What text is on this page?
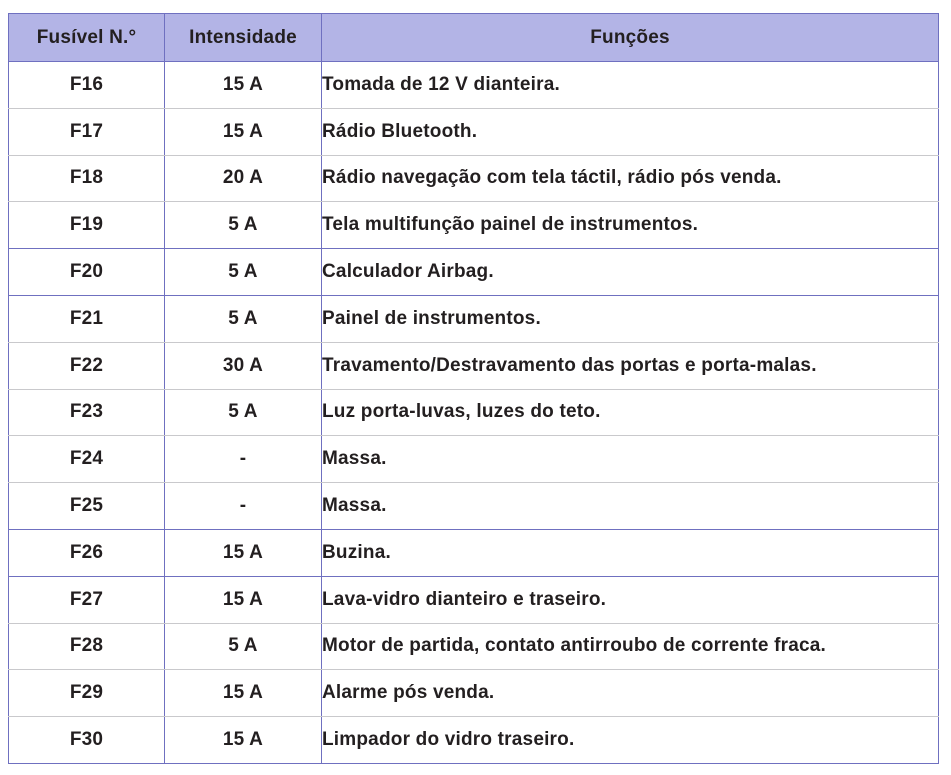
Fusível N.°	Intensidade	Funções
F16	15 A	Tomada de 12 V dianteira.
F17	15 A	Rádio Bluetooth.
F18	20 A	Rádio navegação com tela táctil, rádio pós venda.
F19	5 A	Tela multifunção painel de instrumentos.
F20	5 A	Calculador Airbag.
F21	5 A	Painel de instrumentos.
F22	30 A	Travamento/Destravamento das portas e porta-malas.
F23	5 A	Luz porta-luvas, luzes do teto.
F24	-	Massa.
F25	-	Massa.
F26	15 A	Buzina.
F27	15 A	Lava-vidro dianteiro e traseiro.
F28	5 A	Motor de partida, contato antirroubo de corrente fraca.
F29	15 A	Alarme pós venda.
F30	15 A	Limpador do vidro traseiro.
